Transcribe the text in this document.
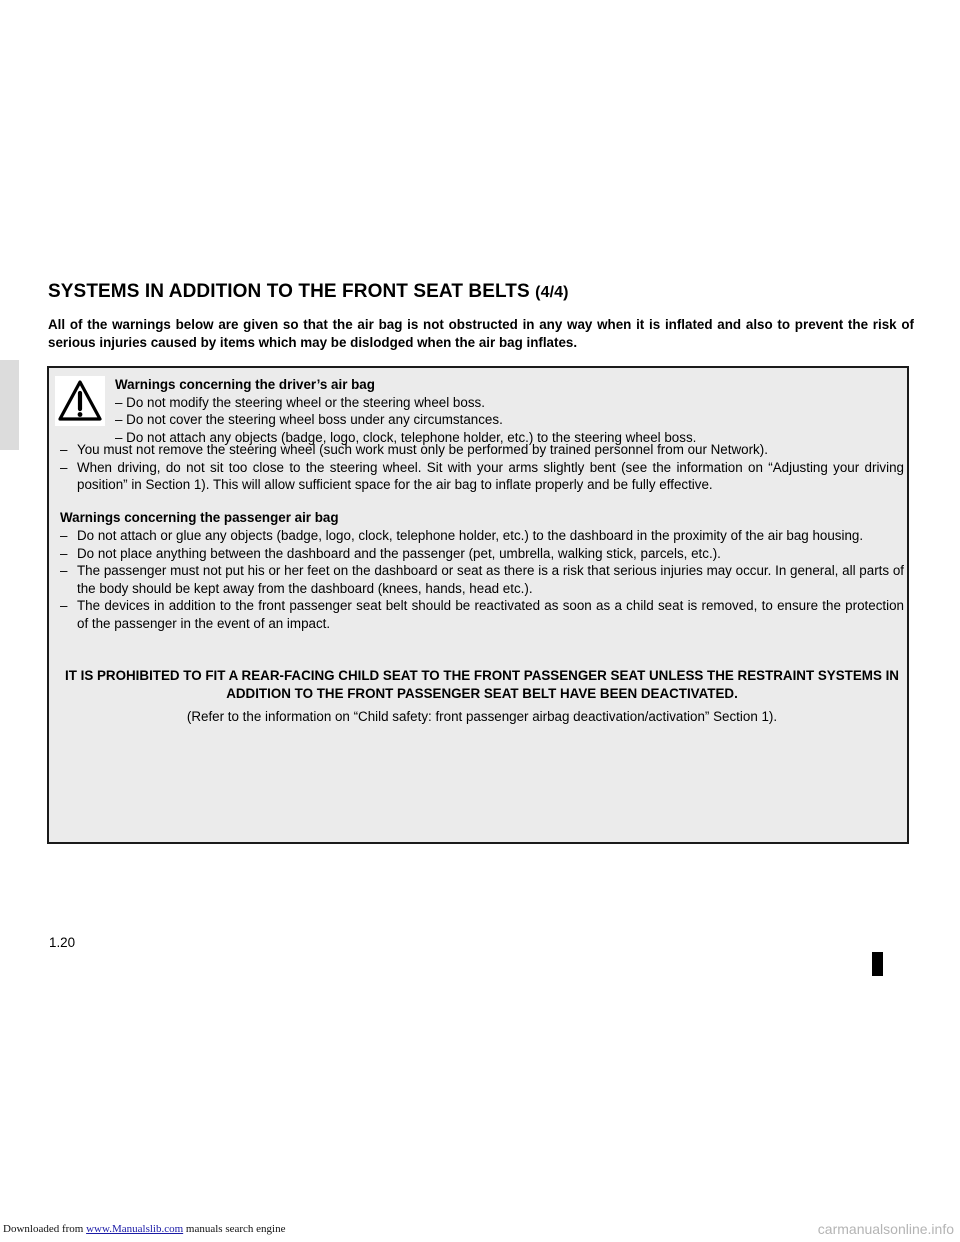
SYSTEMS IN ADDITION TO THE FRONT SEAT BELTS (4/4)

All of the warnings below are given so that the air bag is not obstructed in any way when it is inflated and also to prevent the risk of serious injuries caused by items which may be dislodged when the air bag inflates.

Warnings concerning the driver’s air bag
– Do not modify the steering wheel or the steering wheel boss.
– Do not cover the steering wheel boss under any circumstances.
– Do not attach any objects (badge, logo, clock, telephone holder, etc.) to the steering wheel boss.
– You must not remove the steering wheel (such work must only be performed by trained personnel from our Network).
– When driving, do not sit too close to the steering wheel. Sit with your arms slightly bent (see the information on “Adjusting your driving position” in Section 1). This will allow sufficient space for the air bag to inflate properly and be fully effective.
Warnings concerning the passenger air bag
– Do not attach or glue any objects (badge, logo, clock, telephone holder, etc.) to the dashboard in the proximity of the air bag housing.
– Do not place anything between the dashboard and the passenger (pet, umbrella, walking stick, parcels, etc.).
– The passenger must not put his or her feet on the dashboard or seat as there is a risk that serious injuries may occur. In general, all parts of the body should be kept away from the dashboard (knees, hands, head etc.).
– The devices in addition to the front passenger seat belt should be reactivated as soon as a child seat is removed, to ensure the protection of the passenger in the event of an impact.

IT IS PROHIBITED TO FIT A REAR-FACING CHILD SEAT TO THE FRONT PASSENGER SEAT UNLESS THE RESTRAINT SYSTEMS IN ADDITION TO THE FRONT PASSENGER SEAT BELT HAVE BEEN DEACTIVATED.

(Refer to the information on “Child safety: front passenger airbag deactivation/activation” Section 1).

1.20
Downloaded from www.Manualslib.com manuals search engine	carmanualsonline.info
